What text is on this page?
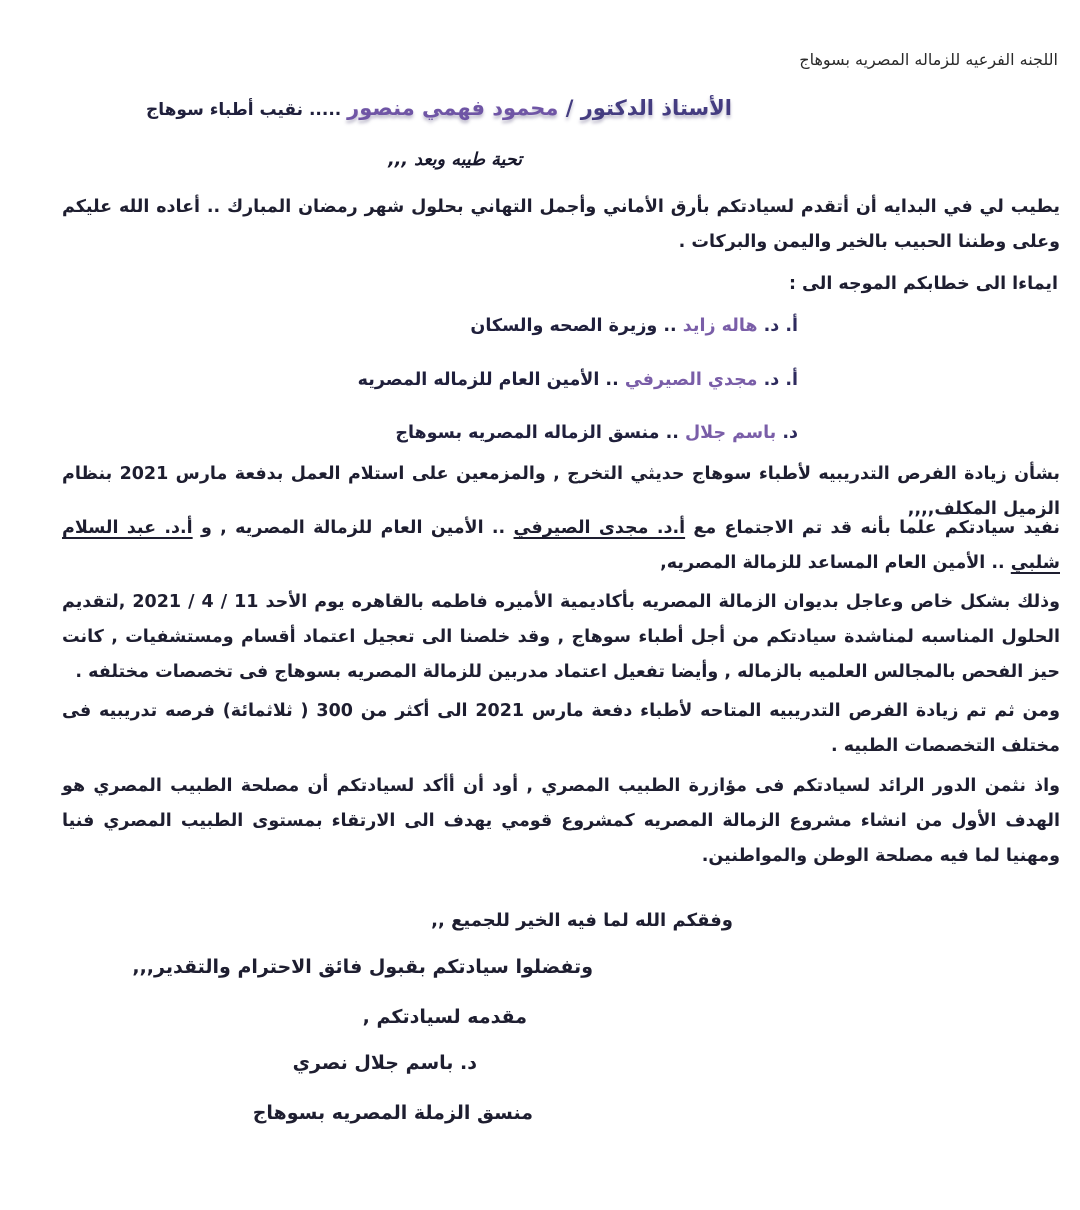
اللجنه الفرعيه للزماله المصريه بسوهاج
الأستاذ الدكتور / محمود فهمي منصور ..... نقيب أطباء سوهاج
تحية طيبه وبعد ,,,
يطيب لي في البدايه أن أتقدم لسيادتكم بأرق الأماني وأجمل التهاني بحلول شهر رمضان المبارك .. أعاده الله عليكم وعلى وطننا الحبيب بالخير واليمن والبركات .
ايماءا الى خطابكم الموجه الى :
أ. د. هاله زايد .. وزيرة الصحه والسكان
أ. د. مجدي الصيرفي .. الأمين العام للزماله المصريه
د. باسم جلال .. منسق الزماله المصريه بسوهاج
بشأن زيادة الفرص التدريبيه لأطباء سوهاج حديثي التخرج , والمزمعين على استلام العمل بدفعة مارس 2021 بنظام الزميل المكلف,,,,
نفيد سيادتكم علما بأنه قد تم الاجتماع مع أ.د. مجدى الصيرفي .. الأمين العام للزمالة المصريه , و أ.د. عبد السلام شلبي .. الأمين العام المساعد للزمالة المصريه,
وذلك بشكل خاص وعاجل بديوان الزمالة المصريه بأكاديمية الأميره فاطمه بالقاهره يوم الأحد 11 / 4 / 2021 ,لتقديم الحلول المناسبه لمناشدة سيادتكم من أجل أطباء سوهاج , وقد خلصنا الى تعجيل اعتماد أقسام ومستشفيات , كانت حيز الفحص بالمجالس العلميه بالزماله , وأيضا تفعيل اعتماد مدربين للزمالة المصريه بسوهاج فى تخصصات مختلفه .
ومن ثم تم زيادة الفرص التدريبيه المتاحه لأطباء دفعة مارس 2021 الى أكثر من 300 ( ثلاثمائة) فرصه تدريبيه فى مختلف التخصصات الطبيه .
واذ نثمن الدور الرائد لسيادتكم فى مؤازرة الطبيب المصري , أود أن أأكد لسيادتكم أن مصلحة الطبيب المصري هو الهدف الأول من انشاء مشروع الزمالة المصريه كمشروع قومي يهدف الى الارتقاء بمستوى الطبيب المصري فنيا ومهنيا لما فيه مصلحة الوطن والمواطنين.
وفقكم الله لما فيه الخير للجميع ,,
وتفضلوا سيادتكم بقبول فائق الاحترام والتقدير,,,
مقدمه لسيادتكم ,
د. باسم جلال نصري
منسق الزملة المصريه بسوهاج
